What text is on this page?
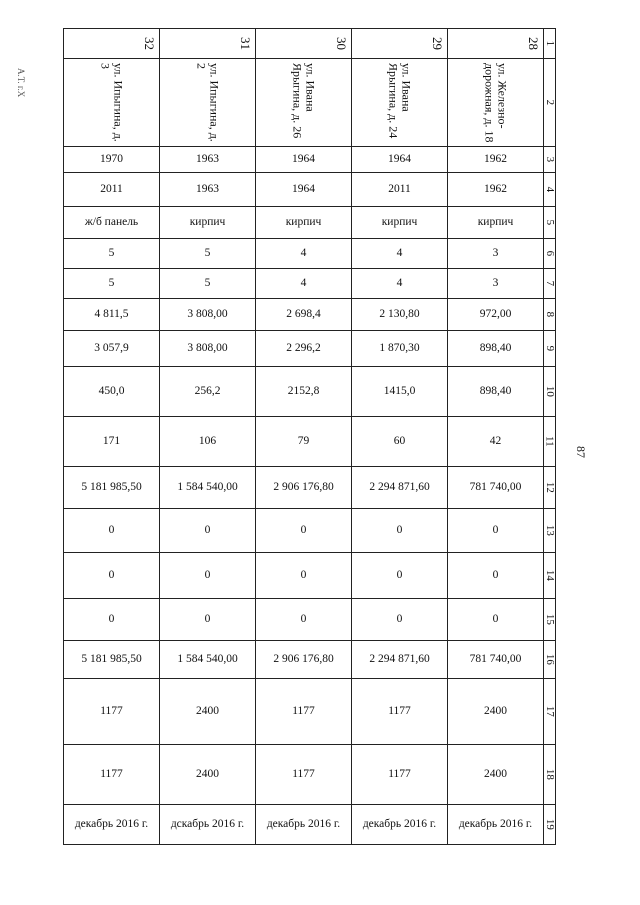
А.Т. г.Х
87
32	31	30	29	28	1

ул. Ипыгина, д. 3	ул. Ипыгина, д. 2	ул. Ивана Ярыгина, д. 26	ул. Ивана Ярыгина, д. 24	ул. Железно-дорожная, д. 18	2
1970	1963	1964	1964	1962	3
2011	1963	1964	2011	1962	4
ж/б панель	кирпич	кирпич	кирпич	кирпич	5
5	5	4	4	3	6
5	5	4	4	3	7
4 811,5	3 808,00	2 698,4	2 130,80	972,00	8
3 057,9	3 808,00	2 296,2	1 870,30	898,40	9
450,0	256,2	2152,8	1415,0	898,40	10
171	106	79	60	42	11
5 181 985,50	1 584 540,00	2 906 176,80	2 294 871,60	781 740,00	12
0	0	0	0	0	13
0	0	0	0	0	14
0	0	0	0	0	15
5 181 985,50	1 584 540,00	2 906 176,80	2 294 871,60	781 740,00	16
1177	2400	1177	1177	2400	17
1177	2400	1177	1177	2400	18
декабрь 2016 г.	дскабрь 2016 г.	декабрь 2016 г.	декабрь 2016 г.	декабрь 2016 г.	19
